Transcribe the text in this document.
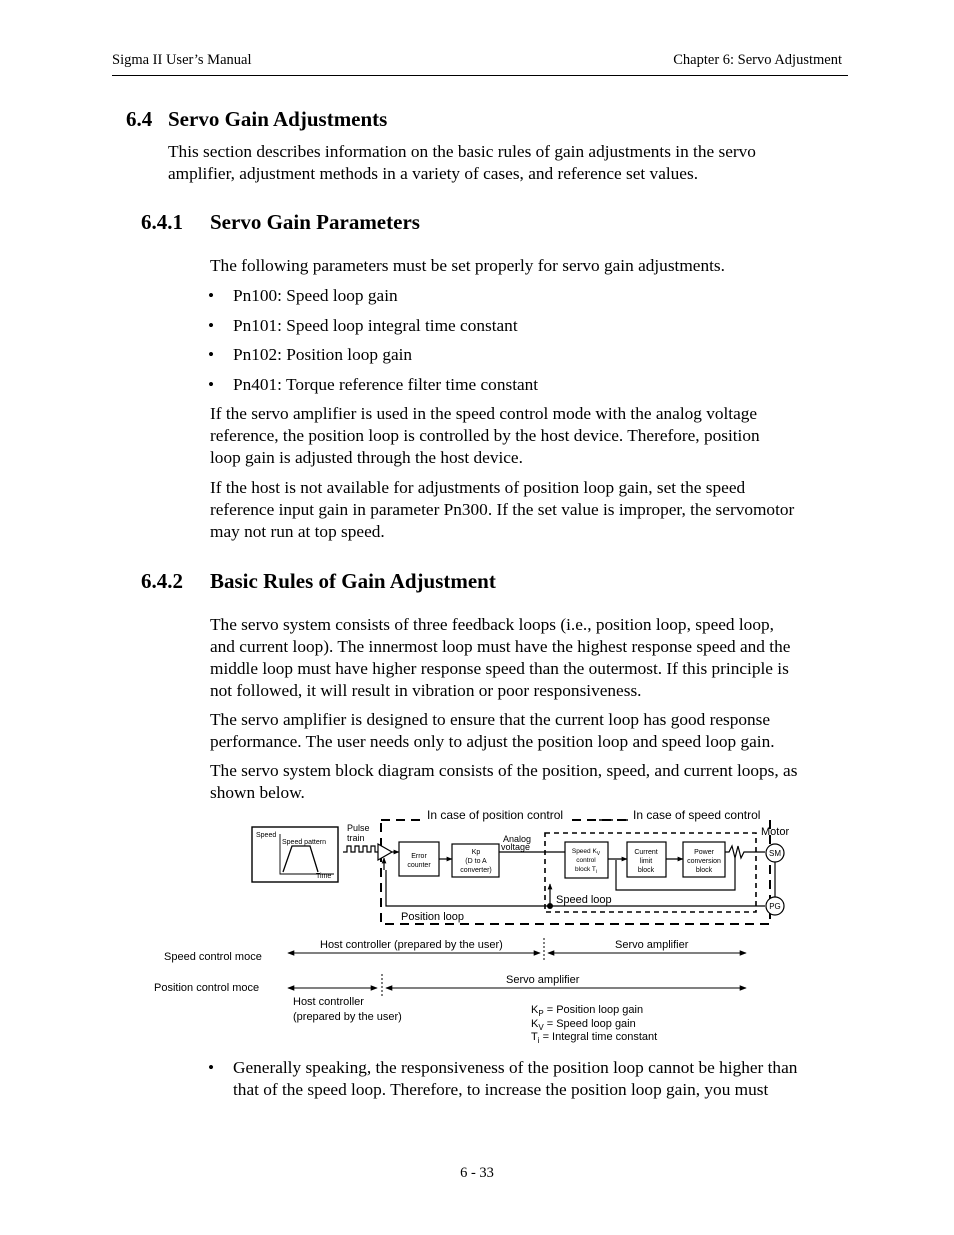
Sigma II User’s Manual	Chapter 6: Servo Adjustment
6.4 Servo Gain Adjustments
This section describes information on the basic rules of gain adjustments in the servo
amplifier, adjustment methods in a variety of cases, and reference set values.
6.4.1 Servo Gain Parameters
The following parameters must be set properly for servo gain adjustments.
• Pn100: Speed loop gain
• Pn101: Speed loop integral time constant
• Pn102: Position loop gain
• Pn401: Torque reference filter time constant
If the servo amplifier is used in the speed control mode with the analog voltage
reference, the position loop is controlled by the host device. Therefore, position
loop gain is adjusted through the host device.
If the host is not available for adjustments of position loop gain, set the speed
reference input gain in parameter Pn300. If the set value is improper, the servomotor
may not run at top speed.
6.4.2 Basic Rules of Gain Adjustment
The servo system consists of three feedback loops (i.e., position loop, speed loop,
and current loop). The innermost loop must have the highest response speed and the
middle loop must have higher response speed than the outermost. If this principle is
not followed, it will result in vibration or poor responsiveness.
The servo amplifier is designed to ensure that the current loop has good response
performance. The user needs only to adjust the position loop and speed loop gain.
The servo system block diagram consists of the position, speed, and current loops, as
shown below.
In case of position control	In case of speed control
Speed
Speed pattern
Time
Pulse
train
Error
counter
Kp
(D to A
converter)
Analog
voltage	Speed $K_V$
control
block $T_i$
Current
limit
block
Power
conversion
block
SM
PG
Motor
Speed loop
Position loop
Speed control moce
Position control moce
Host controller (prepared by the user)	Servo amplifier
Servo amplifier
Host controller
(prepared by the user)
$K_P$ = Position loop gain
$K_V$ = Speed loop gain
$T_i$ = Integral time constant
• Generally speaking, the responsiveness of the position loop cannot be higher than
that of the speed loop. Therefore, to increase the position loop gain, you must
6 - 33
